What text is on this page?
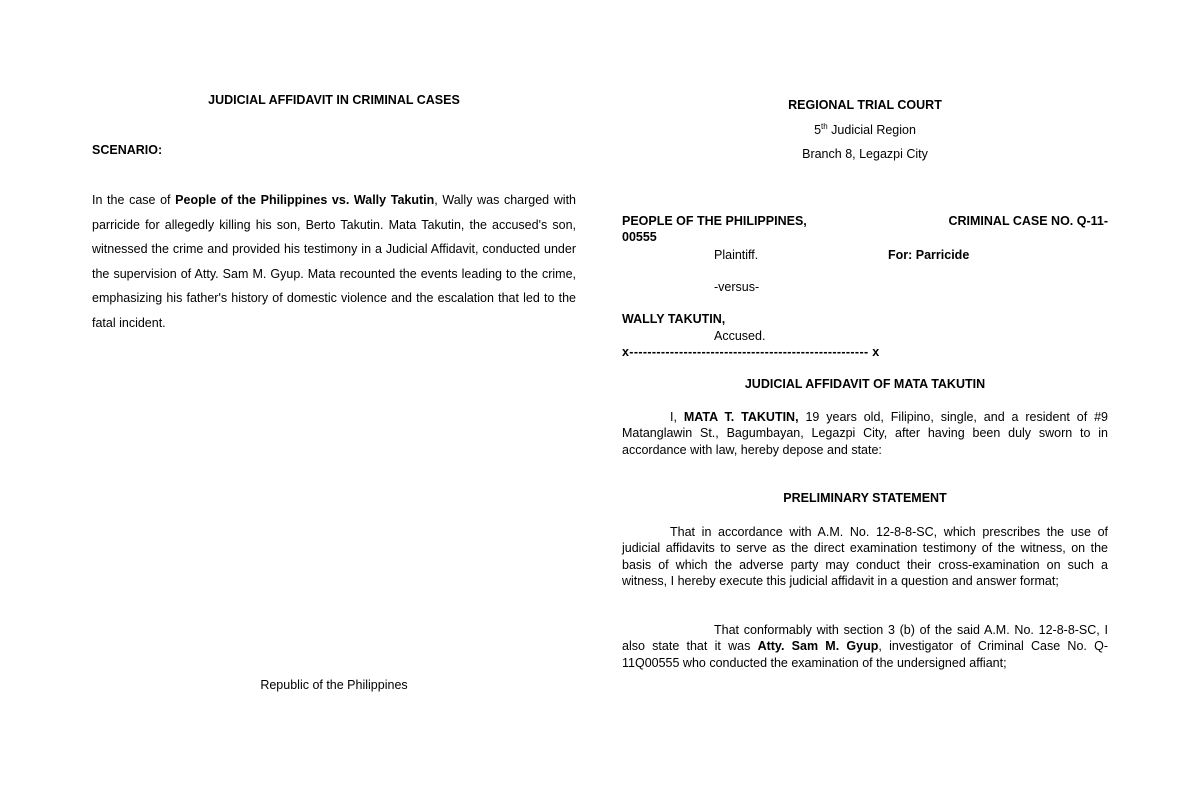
JUDICIAL AFFIDAVIT IN CRIMINAL CASES
SCENARIO:

In the case of People of the Philippines vs. Wally Takutin, Wally was charged with parricide for allegedly killing his son, Berto Takutin. Mata Takutin, the accused's son, witnessed the crime and provided his testimony in a Judicial Affidavit, conducted under the supervision of Atty. Sam M. Gyup. Mata recounted the events leading to the crime, emphasizing his father's history of domestic violence and the escalation that led to the fatal incident.

Republic of the Philippines
REGIONAL TRIAL COURT
5th Judicial Region
Branch 8, Legazpi City
PEOPLE OF THE PHILIPPINES,	CRIMINAL CASE NO. Q-11-
00555
Plaintiff.	For: Parricide
-versus-
WALLY TAKUTIN,
Accused.
x----------------------------------------------------- x
JUDICIAL AFFIDAVIT OF MATA TAKUTIN

I, MATA T. TAKUTIN, 19 years old, Filipino, single, and a resident of #9 Matanglawin St., Bagumbayan, Legazpi City, after having been duly sworn to in accordance with law, hereby depose and state:

PRELIMINARY STATEMENT

That in accordance with A.M. No. 12-8-8-SC, which prescribes the use of judicial affidavits to serve as the direct examination testimony of the witness, on the basis of which the adverse party may conduct their cross-examination on such a witness, I hereby execute this judicial affidavit in a question and answer format;

That conformably with section 3 (b) of the said A.M. No. 12-8-8-SC, I also state that it was Atty. Sam M. Gyup, investigator of Criminal Case No. Q-11Q00555 who conducted the examination of the undersigned affiant;
